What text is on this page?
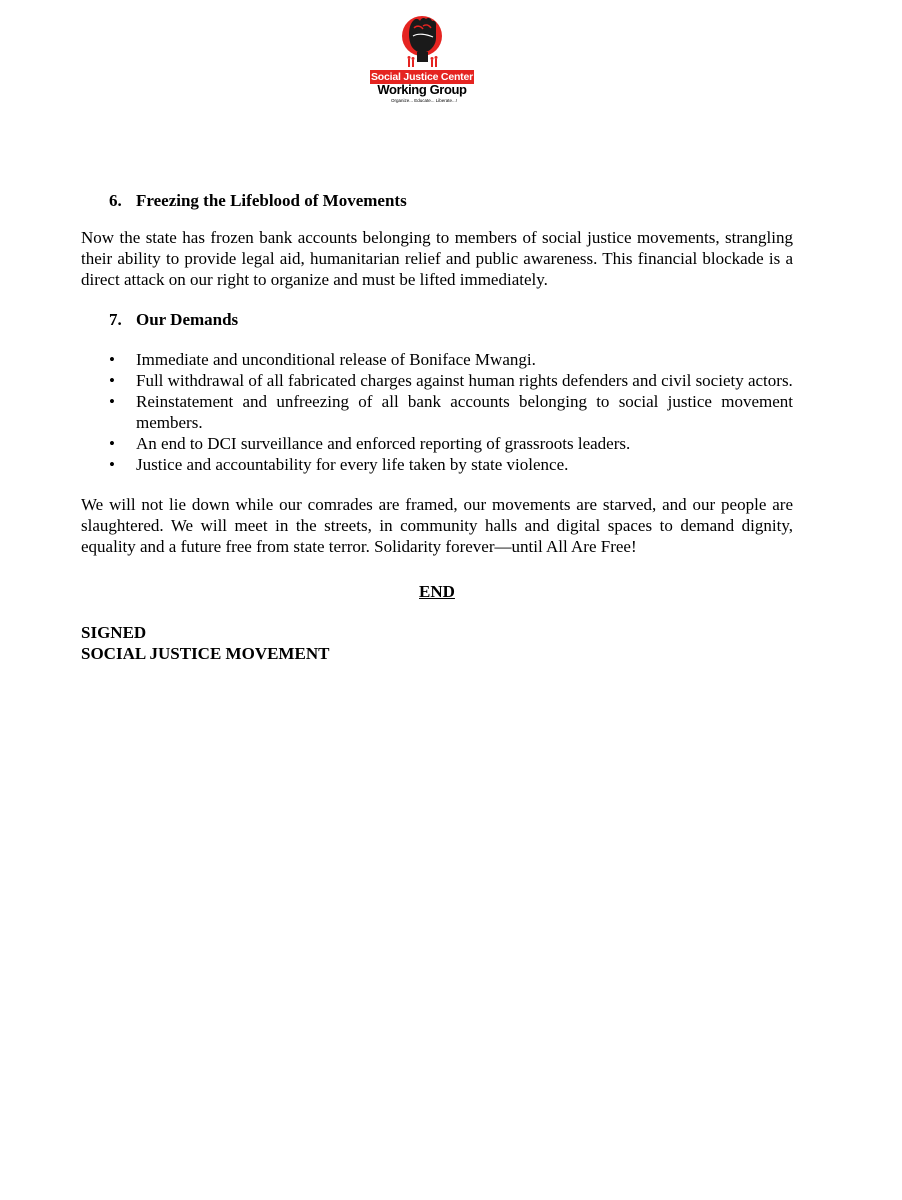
Social Justice Center
Working Group
Organize... Educate... Liberate...!
6. Freezing the Lifeblood of Movements

Now the state has frozen bank accounts belonging to members of social justice movements, strangling their ability to provide legal aid, humanitarian relief and public awareness. This financial blockade is a direct attack on our right to organize and must be lifted immediately.

7. Our Demands
• Immediate and unconditional release of Boniface Mwangi.
• Full withdrawal of all fabricated charges against human rights defenders and civil society actors.
• Reinstatement and unfreezing of all bank accounts belonging to social justice movement members.
• An end to DCI surveillance and enforced reporting of grassroots leaders.
• Justice and accountability for every life taken by state violence.

We will not lie down while our comrades are framed, our movements are starved, and our people are slaughtered. We will meet in the streets, in community halls and digital spaces to demand dignity, equality and a future free from state terror. Solidarity forever—until All Are Free!

END

SIGNED

SOCIAL JUSTICE MOVEMENT
